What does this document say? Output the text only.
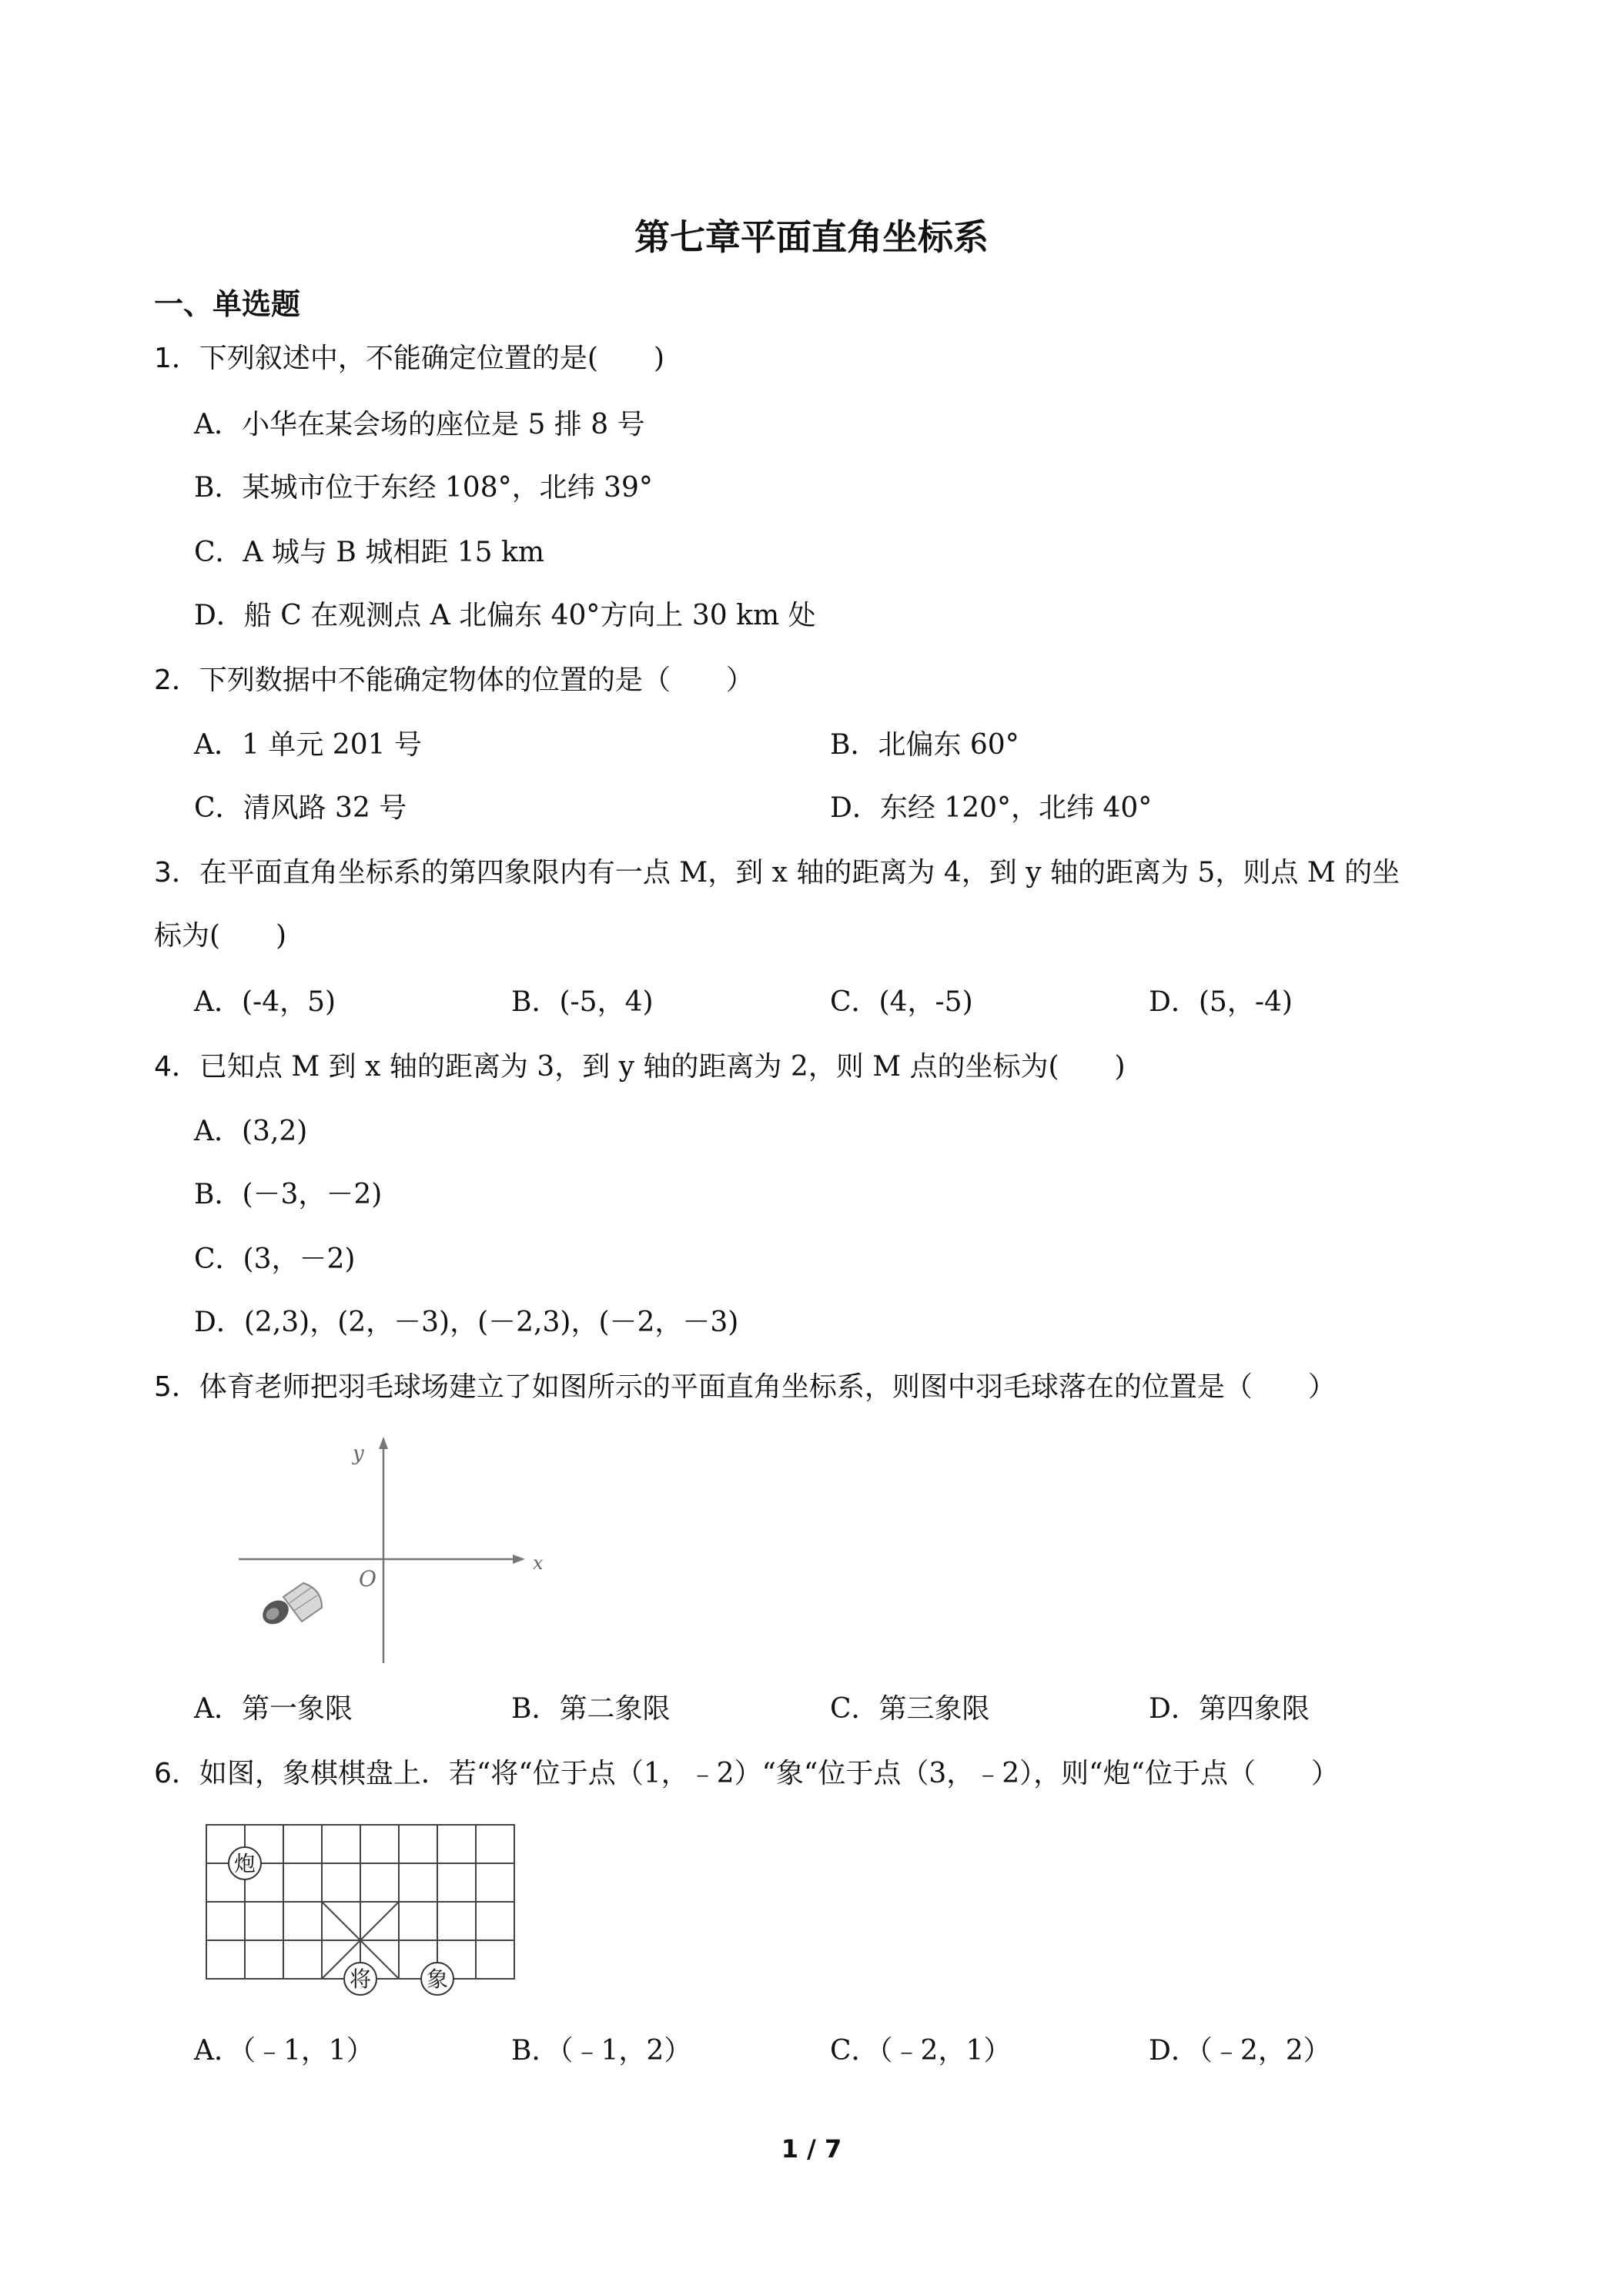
第七章平面直角坐标系
一、单选题
1．下列叙述中，不能确定位置的是(　　)
A．小华在某会场的座位是 5 排 8 号
B．某城市位于东经 108°，北纬 39°
C．A 城与 B 城相距 15 km
D．船 C 在观测点 A 北偏东 40°方向上 30 km 处
2．下列数据中不能确定物体的位置的是（　　）
A．1 单元 201 号	B．北偏东 60°
C．清风路 32 号	D．东经 120°，北纬 40°
3．在平面直角坐标系的第四象限内有一点 M，到 x 轴的距离为 4，到 y 轴的距离为 5，则点 M 的坐
标为(　　)
A．(-4，5)	B．(-5，4)	C．(4，-5)	D．(5，-4)
4．已知点 M 到 x 轴的距离为 3，到 y 轴的距离为 2，则 M 点的坐标为(　　)
A．(3,2)
B．(－3，－2)
C．(3，－2)
D．(2,3)，(2，－3)，(－2,3)，(－2，－3)
5．体育老师把羽毛球场建立了如图所示的平面直角坐标系，则图中羽毛球落在的位置是（　　）
y
x
O
A．第一象限	B．第二象限	C．第三象限	D．第四象限
6．如图，象棋棋盘上．若“将“位于点（1，﹣2）“象“位于点（3，﹣2），则“炮“位于点（　　）
炮
将	象
A．（﹣1，1）	B．（﹣1，2）	C．（﹣2，1）	D．（﹣2，2）
1 / 7
